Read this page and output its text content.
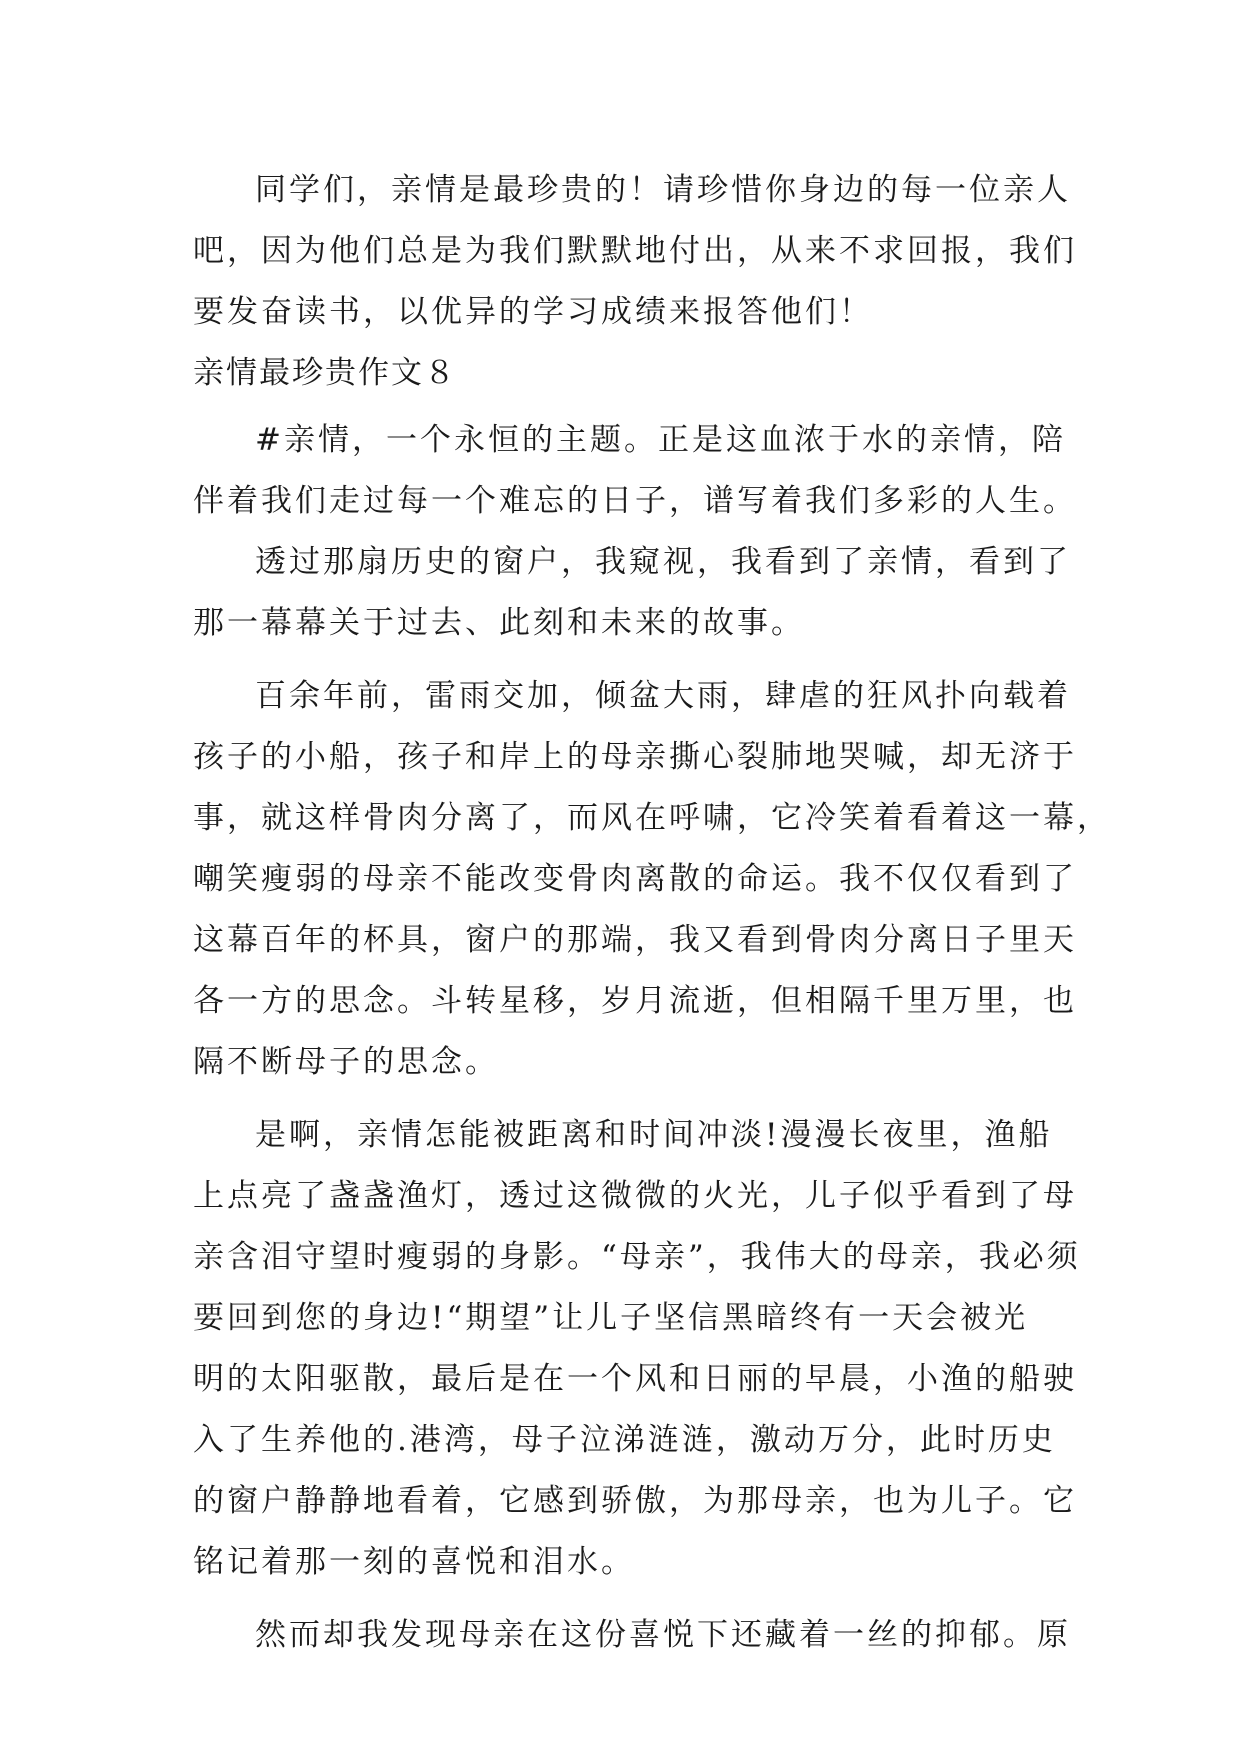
同学们，亲情是最珍贵的！请珍惜你身边的每一位亲人
吧，因为他们总是为我们默默地付出，从来不求回报，我们
要发奋读书，以优异的学习成绩来报答他们！
亲情最珍贵作文８
#亲情，一个永恒的主题。正是这血浓于水的亲情，陪
伴着我们走过每一个难忘的日子，谱写着我们多彩的人生。
透过那扇历史的窗户，我窥视，我看到了亲情，看到了
那一幕幕关于过去、此刻和未来的故事。
百余年前，雷雨交加，倾盆大雨，肆虐的狂风扑向载着
孩子的小船，孩子和岸上的母亲撕心裂肺地哭喊，却无济于
事，就这样骨肉分离了，而风在呼啸，它冷笑着看着这一幕，
嘲笑瘦弱的母亲不能改变骨肉离散的命运。我不仅仅看到了
这幕百年的杯具，窗户的那端，我又看到骨肉分离日子里天
各一方的思念。斗转星移，岁月流逝，但相隔千里万里，也
隔不断母子的思念。
是啊，亲情怎能被距离和时间冲淡!漫漫长夜里，渔船
上点亮了盏盏渔灯，透过这微微的火光，儿子似乎看到了母
亲含泪守望时瘦弱的身影。“母亲”，我伟大的母亲，我必须
要回到您的身边!“期望”让儿子坚信黑暗终有一天会被光
明的太阳驱散，最后是在一个风和日丽的早晨，小渔的船驶
入了生养他的.港湾，母子泣涕涟涟，激动万分，此时历史
的窗户静静地看着，它感到骄傲，为那母亲，也为儿子。它
铭记着那一刻的喜悦和泪水。
然而却我发现母亲在这份喜悦下还藏着一丝的抑郁。原
